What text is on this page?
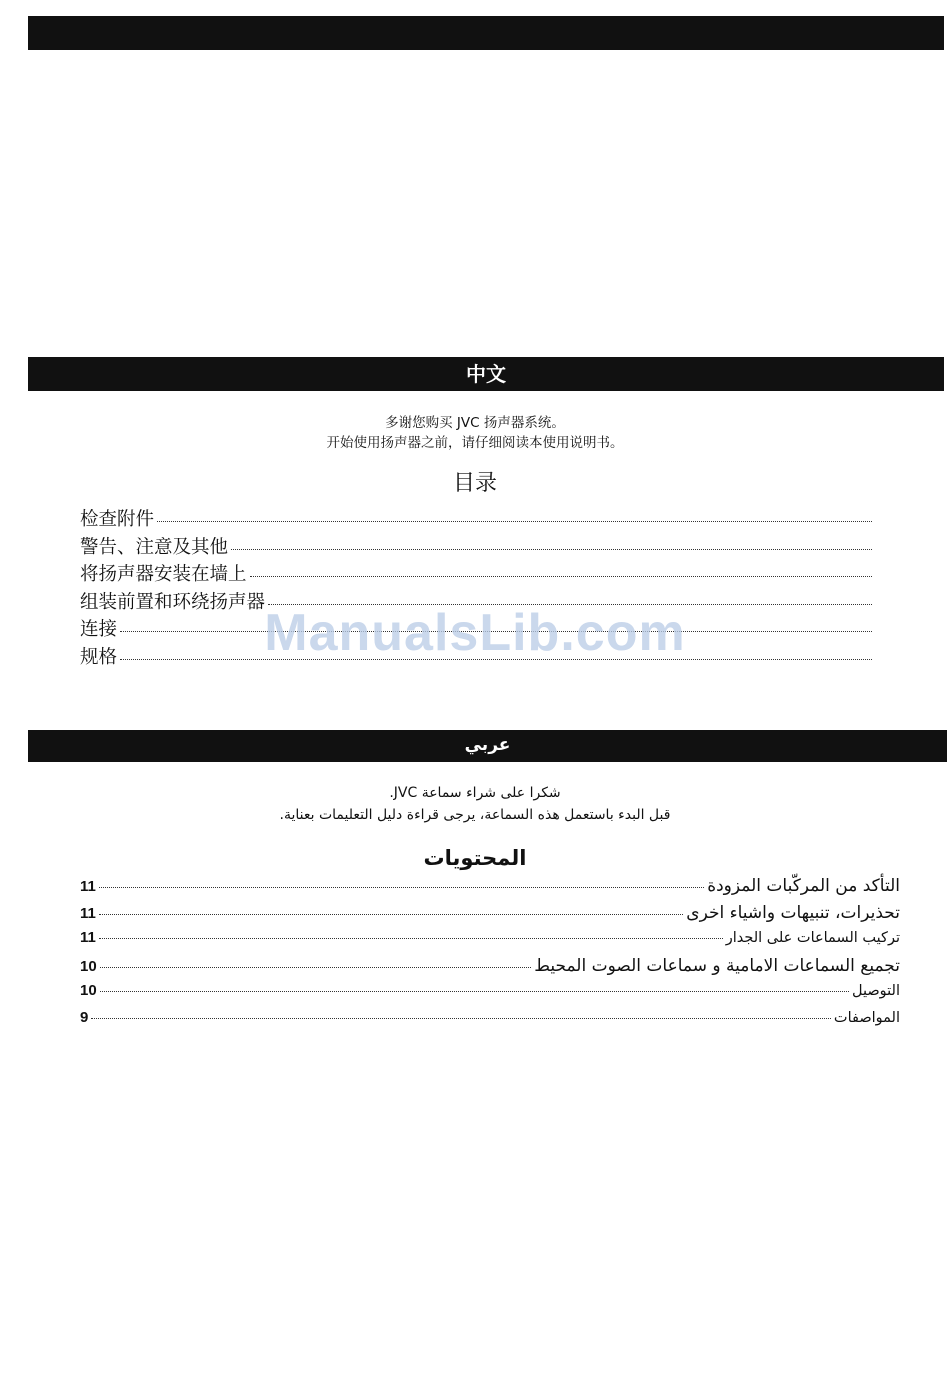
中文
多谢您购买 JVC 扬声器系统。
开始使用扬声器之前，请仔细阅读本使用说明书。
目录
检查附件
警告、注意及其他
将扬声器安装在墙上
组装前置和环绕扬声器
连接
规格	ManualsLib.com
عربي
شكرا على شراء سماعة JVC.
قبل البدء باستعمل هذه السماعة، يرجى قراءة دليل التعليمات بعناية.
المحتويات
التأكد من المركّبات المزودة
11
تحذيرات، تنبيهات واشياء اخرى
11
تركيب السماعات على الجدار
11
تجميع السماعات الامامية و سماعات الصوت المحيط
10
التوصيل
10
المواصفات
9
